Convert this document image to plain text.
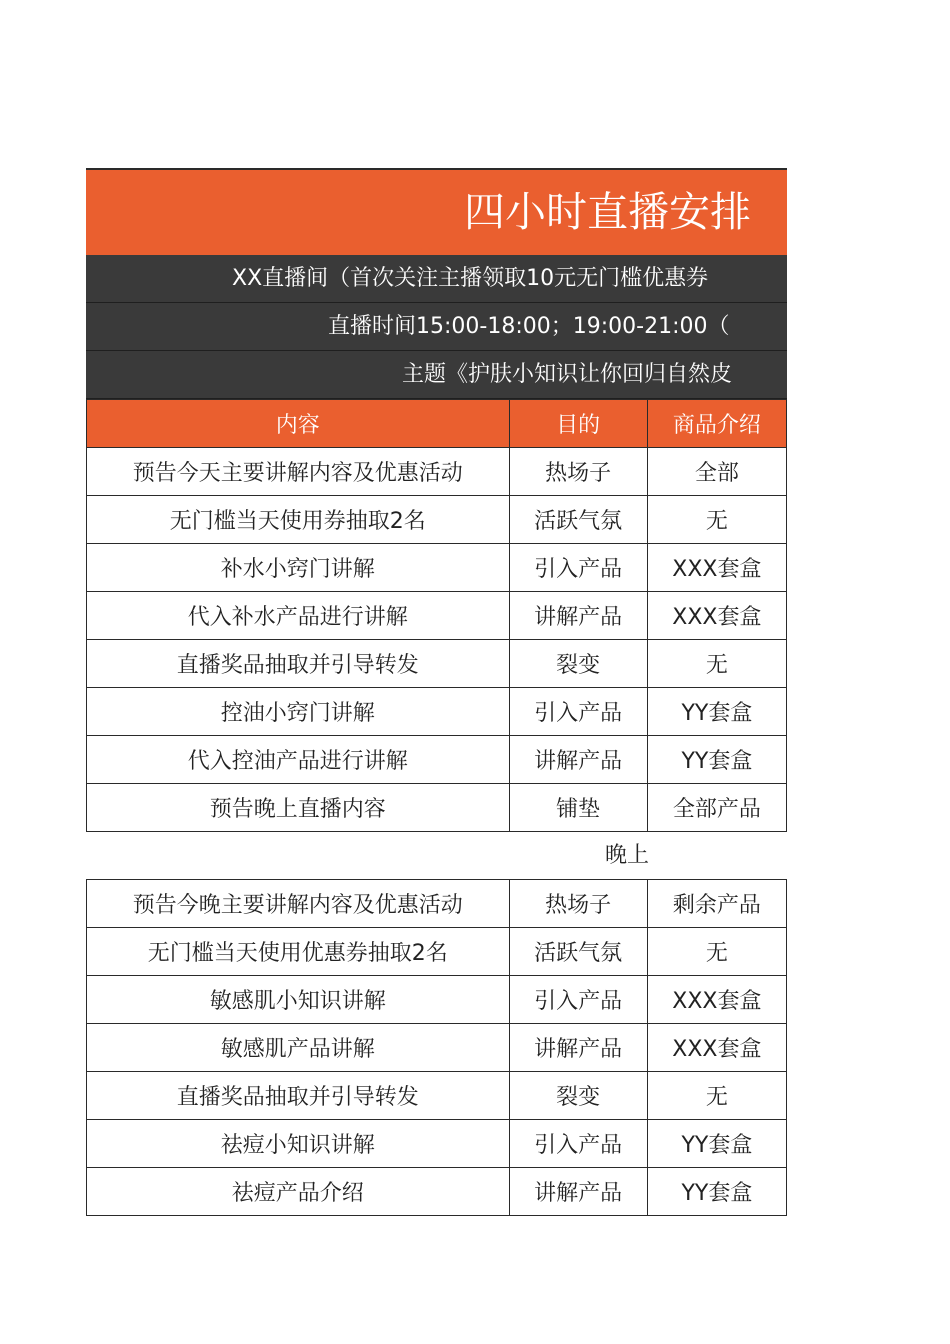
四小时直播安排
XX直播间（首次关注主播领取10元无门槛优惠券
直播时间15:00-18:00；19:00-21:00（
主题《护肤小知识让你回归自然皮
内容	目的	商品介绍
预告今天主要讲解内容及优惠活动	热场子	全部
无门槛当天使用券抽取2名	活跃气氛	无
补水小窍门讲解	引入产品	XXX套盒
代入补水产品进行讲解	讲解产品	XXX套盒
直播奖品抽取并引导转发	裂变	无
控油小窍门讲解	引入产品	YY套盒
代入控油产品进行讲解	讲解产品	YY套盒
预告晚上直播内容	铺垫	全部产品
晚上
预告今晚主要讲解内容及优惠活动	热场子	剩余产品
无门槛当天使用优惠券抽取2名	活跃气氛	无
敏感肌小知识讲解	引入产品	XXX套盒
敏感肌产品讲解	讲解产品	XXX套盒
直播奖品抽取并引导转发	裂变	无
祛痘小知识讲解	引入产品	YY套盒
祛痘产品介绍	讲解产品	YY套盒
